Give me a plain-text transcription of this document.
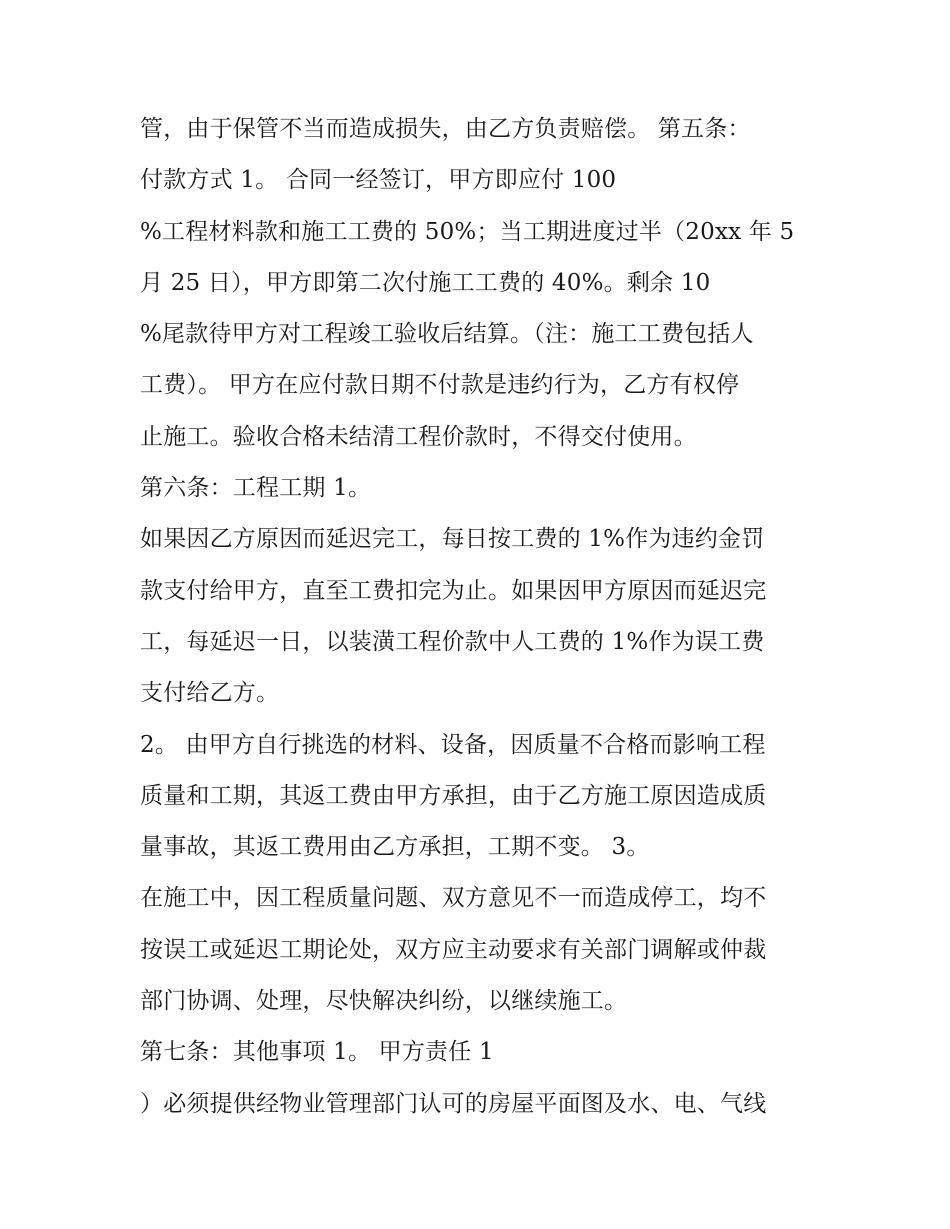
管，由于保管不当而造成损失，由乙方负责赔偿。 第五条：
付款方式 1。 合同一经签订，甲方即应付 100
%工程材料款和施工工费的 50%；当工期进度过半（20xx 年 5
月 25 日），甲方即第二次付施工工费的 40%。剩余 10
%尾款待甲方对工程竣工验收后结算。（注：施工工费包括人
工费）。 甲方在应付款日期不付款是违约行为，乙方有权停
止施工。验收合格未结清工程价款时，不得交付使用。
第六条：工程工期 1。
如果因乙方原因而延迟完工，每日按工费的 1%作为违约金罚
款支付给甲方，直至工费扣完为止。如果因甲方原因而延迟完
工，每延迟一日，以装潢工程价款中人工费的 1%作为误工费
支付给乙方。
2。 由甲方自行挑选的材料、设备，因质量不合格而影响工程
质量和工期，其返工费由甲方承担，由于乙方施工原因造成质
量事故，其返工费用由乙方承担，工期不变。 3。
在施工中，因工程质量问题、双方意见不一而造成停工，均不
按误工或延迟工期论处，双方应主动要求有关部门调解或仲裁
部门协调、处理，尽快解决纠纷，以继续施工。
第七条：其他事项 1。 甲方责任 1
）必须提供经物业管理部门认可的房屋平面图及水、电、气线
